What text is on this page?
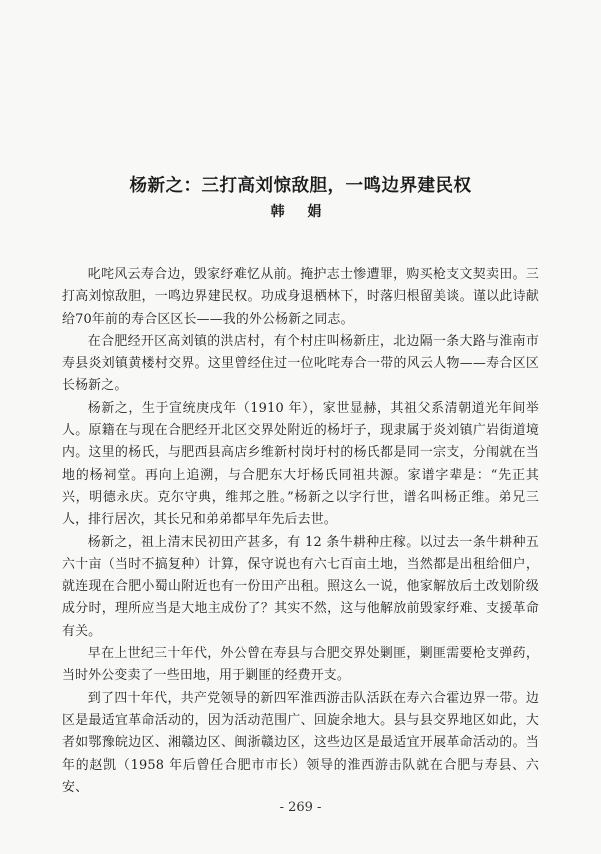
杨新之：三打高刘惊敌胆，一鸣边界建民权
韩 娟

叱咤风云寿合边，毁家纾难忆从前。掩护志士惨遭罪，购买枪支文契卖田。三打高刘惊敌胆，一鸣边界建民权。功成身退栖林下，时落归根留美谈。谨以此诗献给70年前的寿合区区长——我的外公杨新之同志。

在合肥经开区高刘镇的洪店村，有个村庄叫杨新庄，北边隔一条大路与淮南市寿县炎刘镇黄楼村交界。这里曾经住过一位叱咤寿合一带的风云人物——寿合区区长杨新之。

杨新之，生于宣统庚戌年（1910 年），家世显赫，其祖父系清朝道光年间举人。原籍在与现在合肥经开北区交界处附近的杨圩子，现隶属于炎刘镇广岩街道境内。这里的杨氏，与肥西县高店乡维新村岗圩村的杨氏都是同一宗支，分闱就在当地的杨祠堂。再向上追溯，与合肥东大圩杨氏同祖共源。家谱字辈是：“先正其兴，明德永庆。克尔守典，维邦之胜。”杨新之以字行世，谱名叫杨正维。弟兄三人，排行居次，其长兄和弟弟都早年先后去世。

杨新之，祖上清末民初田产甚多，有 12 条牛耕种庄稼。以过去一条牛耕种五六十亩（当时不搞复种）计算，保守说也有六七百亩土地，当然都是出租给佃户，就连现在合肥小蜀山附近也有一份田产出租。照这么一说，他家解放后土改划阶级成分时，理所应当是大地主成份了？其实不然，这与他解放前毁家纾难、支援革命有关。

早在上世纪三十年代，外公曾在寿县与合肥交界处剿匪，剿匪需要枪支弹药，当时外公变卖了一些田地，用于剿匪的经费开支。

到了四十年代，共产党领导的新四军淮西游击队活跃在寿六合霍边界一带。边区是最适宜革命活动的，因为活动范围广、回旋余地大。县与县交界地区如此，大者如鄂豫皖边区、湘赣边区、闽浙赣边区，这些边区是最适宜开展革命活动的。当年的赵凯（1958 年后曾任合肥市市长）领导的淮西游击队就在合肥与寿县、六安、

- 269 -
